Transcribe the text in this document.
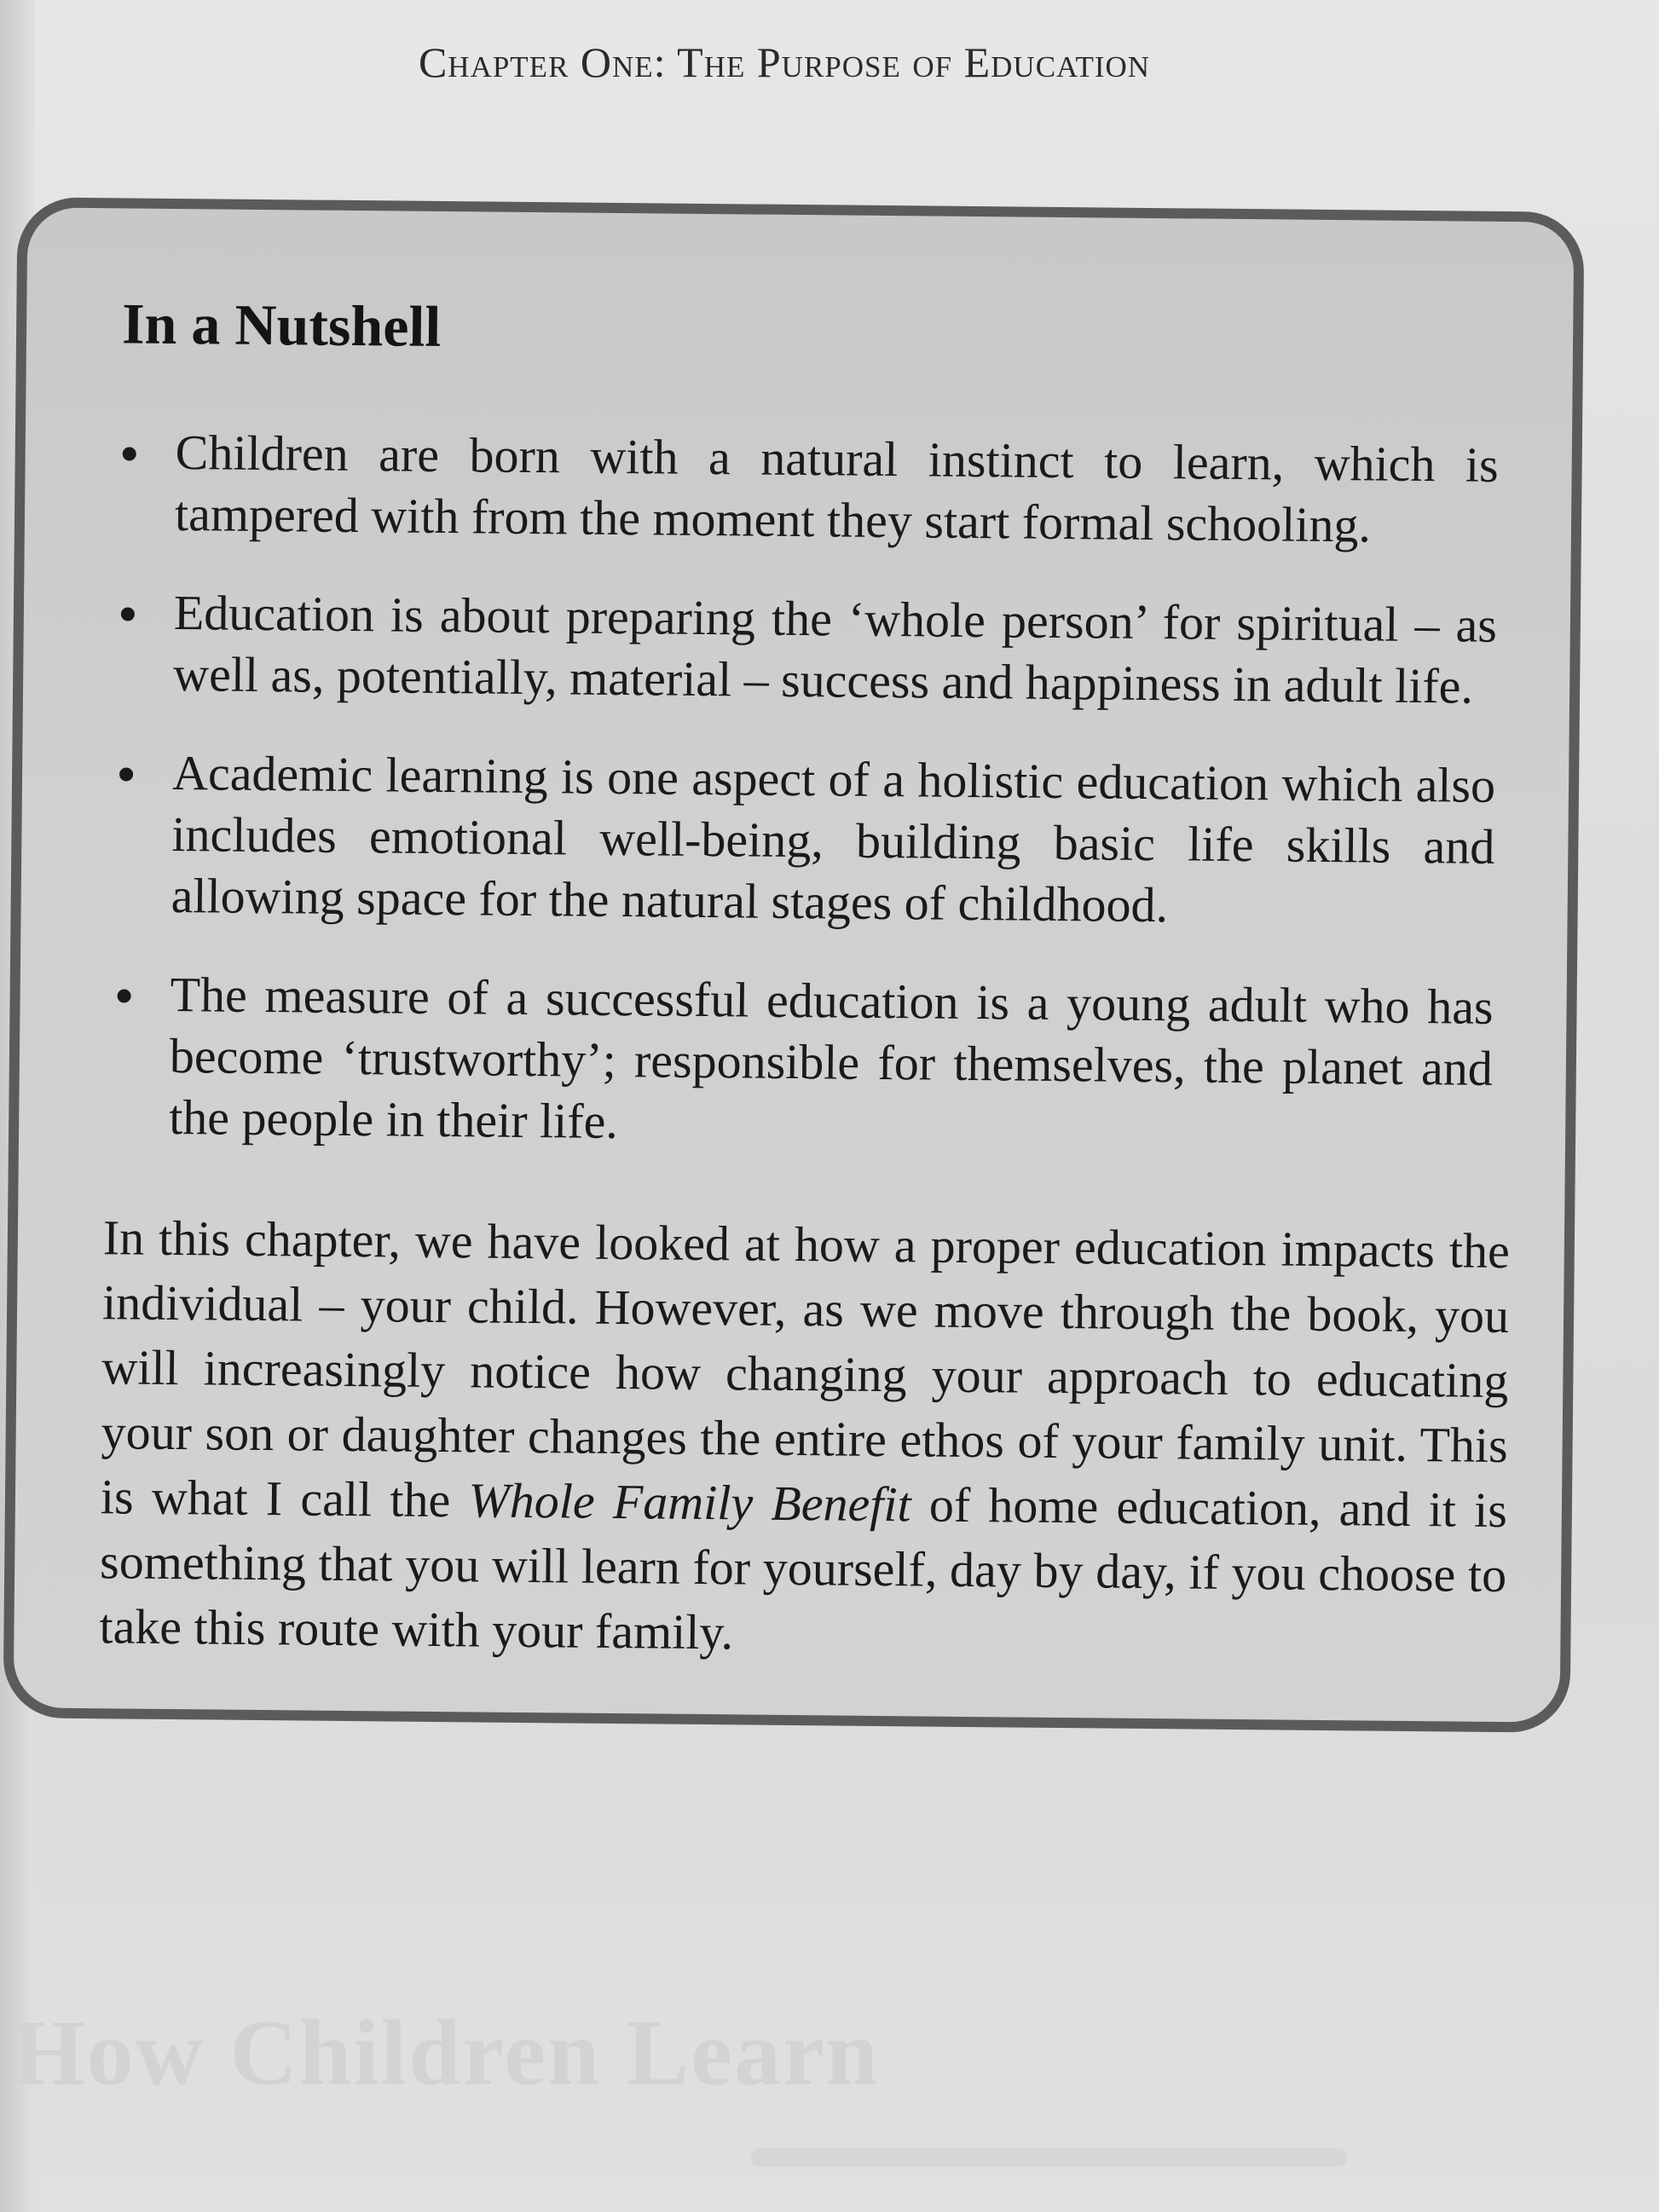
Chapter One: The Purpose of Education
In a Nutshell
Children are born with a natural instinct to learn, which is tampered with from the moment they start formal schooling.
Education is about preparing the ‘whole person’ for spiritual – as well as, potentially, material – success and happiness in adult life.
Academic learning is one aspect of a holistic education which also includes emotional well-being, building basic life skills and allowing space for the natural stages of childhood.
The measure of a successful education is a young adult who has become ‘trustworthy’; responsible for themselves, the planet and the people in their life.

In this chapter, we have looked at how a proper education impacts the individual – your child. However, as we move through the book, you will increasingly notice how changing your approach to educating your son or daughter changes the entire ethos of your family unit. This is what I call the Whole Family Benefit of home education, and it is something that you will learn for yourself, day by day, if you choose to take this route with your family.

How Children Learn
